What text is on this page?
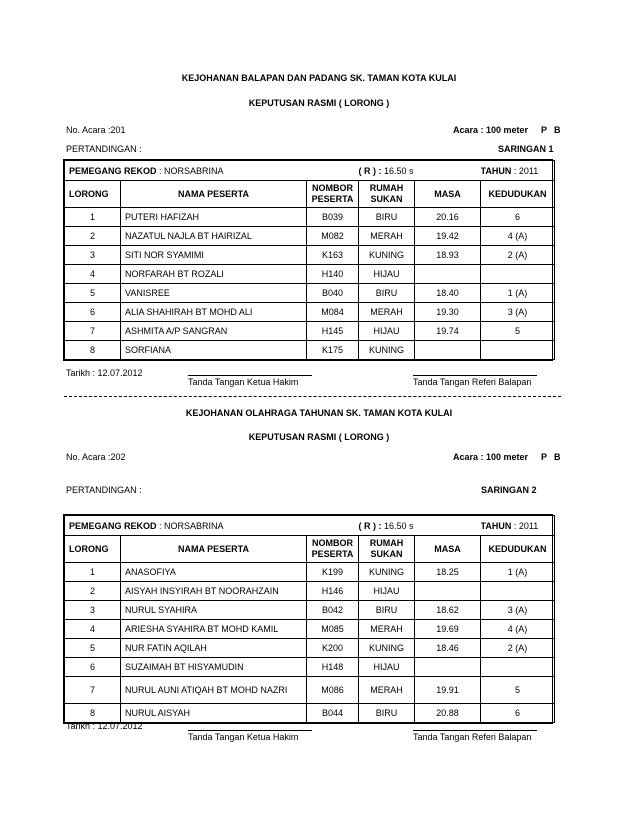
KEJOHANAN BALAPAN DAN PADANG SK. TAMAN KOTA KULAI
KEPUTUSAN RASMI ( LORONG )
No. Acara :201	Acara : 100 meter P B
PERTANDINGAN :	SARINGAN 1
PEMEGANG REKOD : NORSABRINA			( R ) : 16.50 s		TAHUN : 2011
LORONG	NAMA PESERTA	NOMBOR PESERTA	RUMAH SUKAN	MASA	KEDUDUKAN
1	PUTERI HAFIZAH	B039	BIRU	20.16	6
2	NAZATUL NAJLA BT HAIRIZAL	M082	MERAH	19.42	4 (A)
3	SITI NOR SYAMIMI	K163	KUNING	18.93	2 (A)
4	NORFARAH BT ROZALI	H140	HIJAU		
5	VANISREE	B040	BIRU	18.40	1 (A)
6	ALIA SHAHIRAH BT MOHD ALI	M084	MERAH	19.30	3 (A)
7	ASHMITA A/P SANGRAN	H145	HIJAU	19.74	5
8	SORFIANA	K175	KUNING		
Tarikh : 12.07.2012
Tanda Tangan Ketua Hakim	Tanda Tangan Referi Balapan
KEJOHANAN OLAHRAGA TAHUNAN SK. TAMAN KOTA KULAI
KEPUTUSAN RASMI ( LORONG )
No. Acara :202	Acara : 100 meter P B
PERTANDINGAN :	SARINGAN 2
PEMEGANG REKOD : NORSABRINA			( R ) : 16.50 s		TAHUN : 2011
LORONG	NAMA PESERTA	NOMBOR PESERTA	RUMAH SUKAN	MASA	KEDUDUKAN
1	ANASOFIYA	K199	KUNING	18.25	1 (A)
2	AISYAH INSYIRAH BT NOORAHZAIN	H146	HIJAU		
3	NURUL SYAHIRA	B042	BIRU	18.62	3 (A)
4	ARIESHA SYAHIRA BT MOHD KAMIL	M085	MERAH	19.69	4 (A)
5	NUR FATIN AQILAH	K200	KUNING	18.46	2 (A)
6	SUZAIMAH BT HISYAMUDIN	H148	HIJAU		
7	NURUL AUNI ATIQAH BT MOHD NAZRI	M086	MERAH	19.91	5
8	NURUL AISYAH	B044	BIRU	20.88	6
Tarikh : 12.07.2012
Tanda Tangan Ketua Hakim	Tanda Tangan Referi Balapan
